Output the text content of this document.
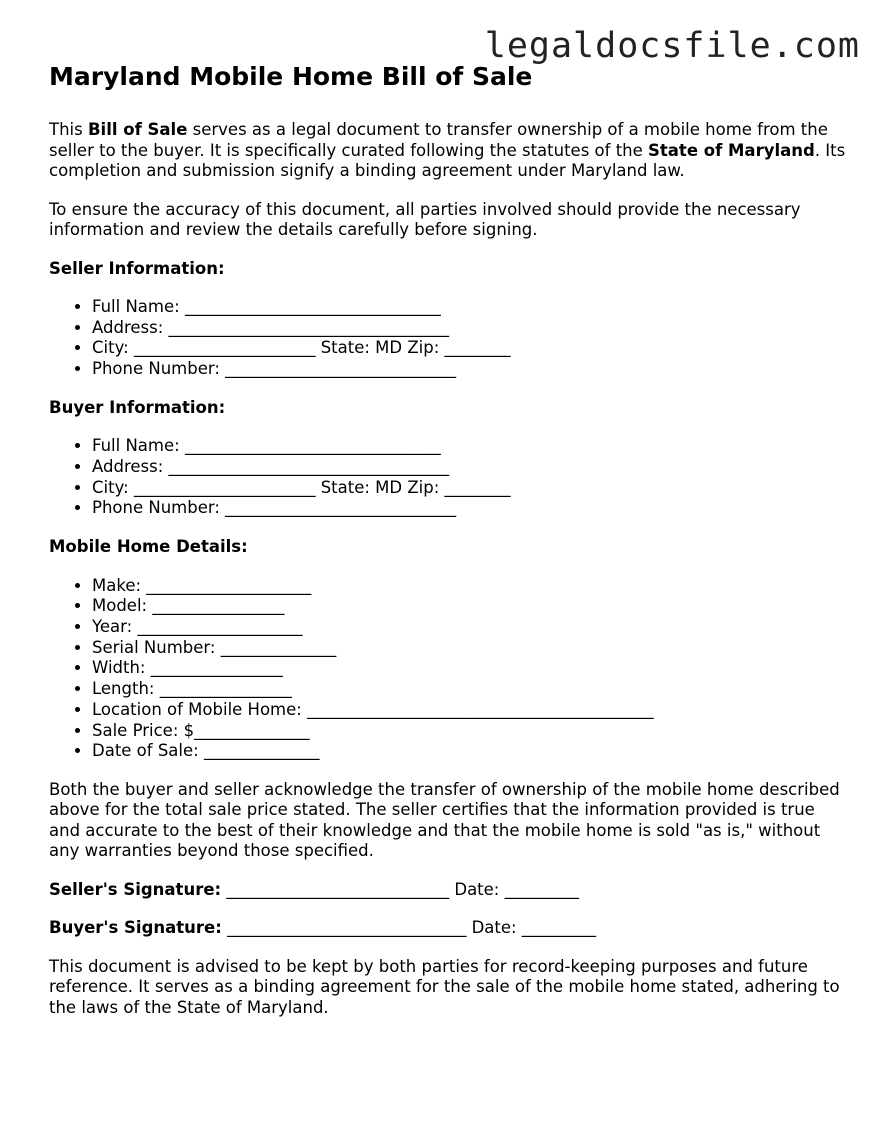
legaldocsfile.com
Maryland Mobile Home Bill of Sale

This Bill of Sale serves as a legal document to transfer ownership of a mobile home from the seller to the buyer. It is specifically curated following the statutes of the State of Maryland. Its completion and submission signify a binding agreement under Maryland law.

To ensure the accuracy of this document, all parties involved should provide the necessary information and review the details carefully before signing.

Seller Information:
• Full Name: _______________________________
• Address: __________________________________
• City: ______________________ State: MD Zip: ________
• Phone Number: ____________________________
Buyer Information:
• Full Name: _______________________________
• Address: __________________________________
• City: ______________________ State: MD Zip: ________
• Phone Number: ____________________________
Mobile Home Details:
• Make: ____________________
• Model: ________________
• Year: ____________________
• Serial Number: ______________
• Width: ________________
• Length: ________________
• Location of Mobile Home: __________________________________________
• Sale Price: $______________
• Date of Sale: ______________

Both the buyer and seller acknowledge the transfer of ownership of the mobile home described above for the total sale price stated. The seller certifies that the information provided is true and accurate to the best of their knowledge and that the mobile home is sold "as is," without any warranties beyond those specified.

Seller's Signature: ___________________________ Date: _________
Buyer's Signature: _____________________________ Date: _________

This document is advised to be kept by both parties for record-keeping purposes and future reference. It serves as a binding agreement for the sale of the mobile home stated, adhering to the laws of the State of Maryland.
